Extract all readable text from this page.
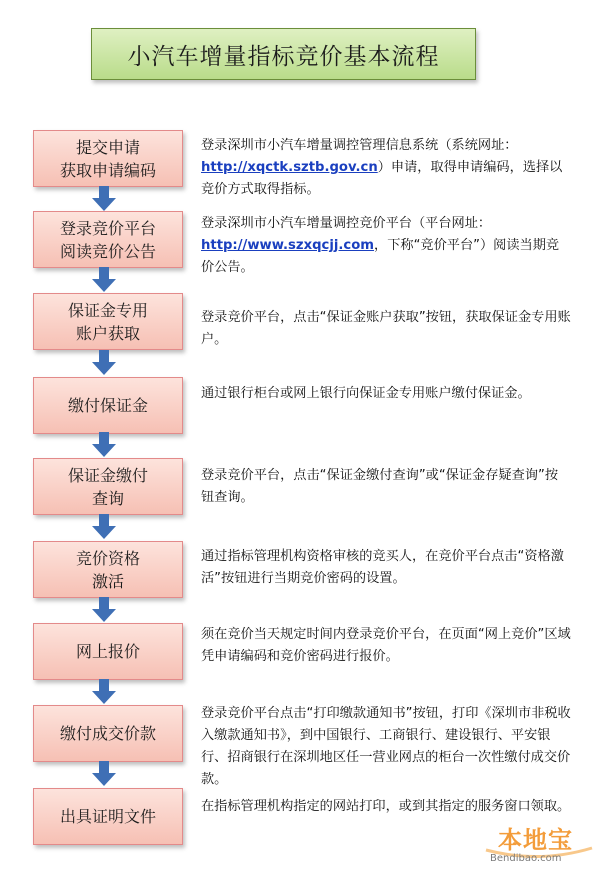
小汽车增量指标竞价基本流程
提交申请
获取申请编码
登录竞价平台
阅读竞价公告
保证金专用
账户获取
缴付保证金
保证金缴付
查询
竞价资格
激活
网上报价
缴付成交价款
出具证明文件
登录深圳市小汽车增量调控管理信息系统（系统网址：http://xqctk.sztb.gov.cn）申请，取得申请编码，选择以竞价方式取得指标。
登录深圳市小汽车增量调控竞价平台（平台网址：http://www.szxqcjj.com，下称“竞价平台”）阅读当期竞价公告。
登录竞价平台，点击“保证金账户获取”按钮，获取保证金专用账户。
通过银行柜台或网上银行向保证金专用账户缴付保证金。
登录竞价平台，点击“保证金缴付查询”或“保证金存疑查询”按钮查询。
通过指标管理机构资格审核的竞买人，在竞价平台点击“资格激活”按钮进行当期竞价密码的设置。
须在竞价当天规定时间内登录竞价平台，在页面“网上竞价”区域凭申请编码和竞价密码进行报价。
登录竞价平台点击“打印缴款通知书”按钮，打印《深圳市非税收入缴款通知书》，到中国银行、工商银行、建设银行、平安银行、招商银行在深圳地区任一营业网点的柜台一次性缴付成交价款。
在指标管理机构指定的网站打印，或到其指定的服务窗口领取。
本地宝
Bendibao.com
